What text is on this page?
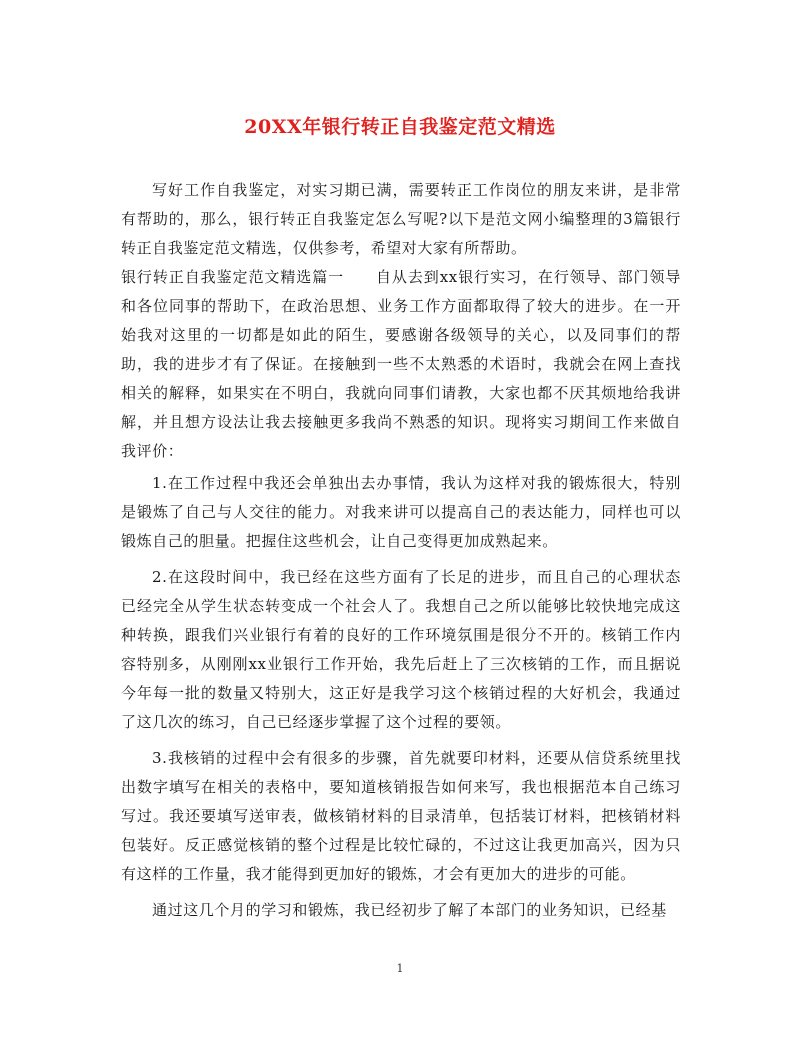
20XX年银行转正自我鉴定范文精选

写好工作自我鉴定，对实习期已满，需要转正工作岗位的朋友来讲，是非常有帮助的，那么，银行转正自我鉴定怎么写呢?以下是范文网小编整理的3篇银行转正自我鉴定范文精选，仅供参考，希望对大家有所帮助。

银行转正自我鉴定范文精选篇一　　自从去到xx银行实习，在行领导、部门领导和各位同事的帮助下，在政治思想、业务工作方面都取得了较大的进步。在一开始我对这里的一切都是如此的陌生，要感谢各级领导的关心，以及同事们的帮助，我的进步才有了保证。在接触到一些不太熟悉的术语时，我就会在网上查找相关的解释，如果实在不明白，我就向同事们请教，大家也都不厌其烦地给我讲解，并且想方设法让我去接触更多我尚不熟悉的知识。现将实习期间工作来做自我评价：

1.在工作过程中我还会单独出去办事情，我认为这样对我的锻炼很大，特别是锻炼了自己与人交往的能力。对我来讲可以提高自己的表达能力，同样也可以锻炼自己的胆量。把握住这些机会，让自己变得更加成熟起来。

2.在这段时间中，我已经在这些方面有了长足的进步，而且自己的心理状态已经完全从学生状态转变成一个社会人了。我想自己之所以能够比较快地完成这种转换，跟我们兴业银行有着的良好的工作环境氛围是很分不开的。核销工作内容特别多，从刚刚xx业银行工作开始，我先后赶上了三次核销的工作，而且据说今年每一批的数量又特别大，这正好是我学习这个核销过程的大好机会，我通过了这几次的练习，自己已经逐步掌握了这个过程的要领。

3.我核销的过程中会有很多的步骤，首先就要印材料，还要从信贷系统里找出数字填写在相关的表格中，要知道核销报告如何来写，我也根据范本自己练习写过。我还要填写送审表，做核销材料的目录清单，包括装订材料，把核销材料包装好。反正感觉核销的整个过程是比较忙碌的，不过这让我更加高兴，因为只有这样的工作量，我才能得到更加好的锻炼，才会有更加大的进步的可能。

通过这几个月的学习和锻炼，我已经初步了解了本部门的业务知识，已经基

1
